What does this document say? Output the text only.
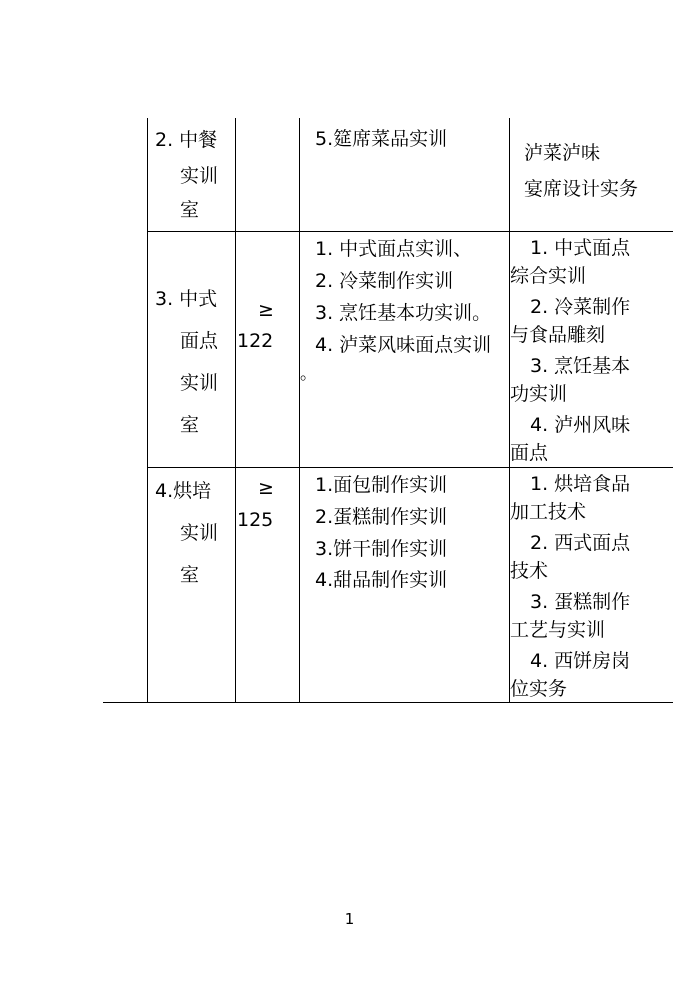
2. 中餐
实训
室
5.筵席菜品实训
泸菜泸味
宴席设计实务
3. 中式
面点
实训
室
≥
122
1. 中式面点实训、
2. 冷菜制作实训
3. 烹饪基本功实训。
4. 泸菜风味面点实训
。
1. 中式面点
综合实训
2. 冷菜制作
与食品雕刻
3. 烹饪基本
功实训
4. 泸州风味
面点
4.烘培
实训
室
≥
125
1.面包制作实训
2.蛋糕制作实训
3.饼干制作实训
4.甜品制作实训
1. 烘培食品
加工技术
2. 西式面点
技术
3. 蛋糕制作
工艺与实训
4. 西饼房岗
位实务
1
